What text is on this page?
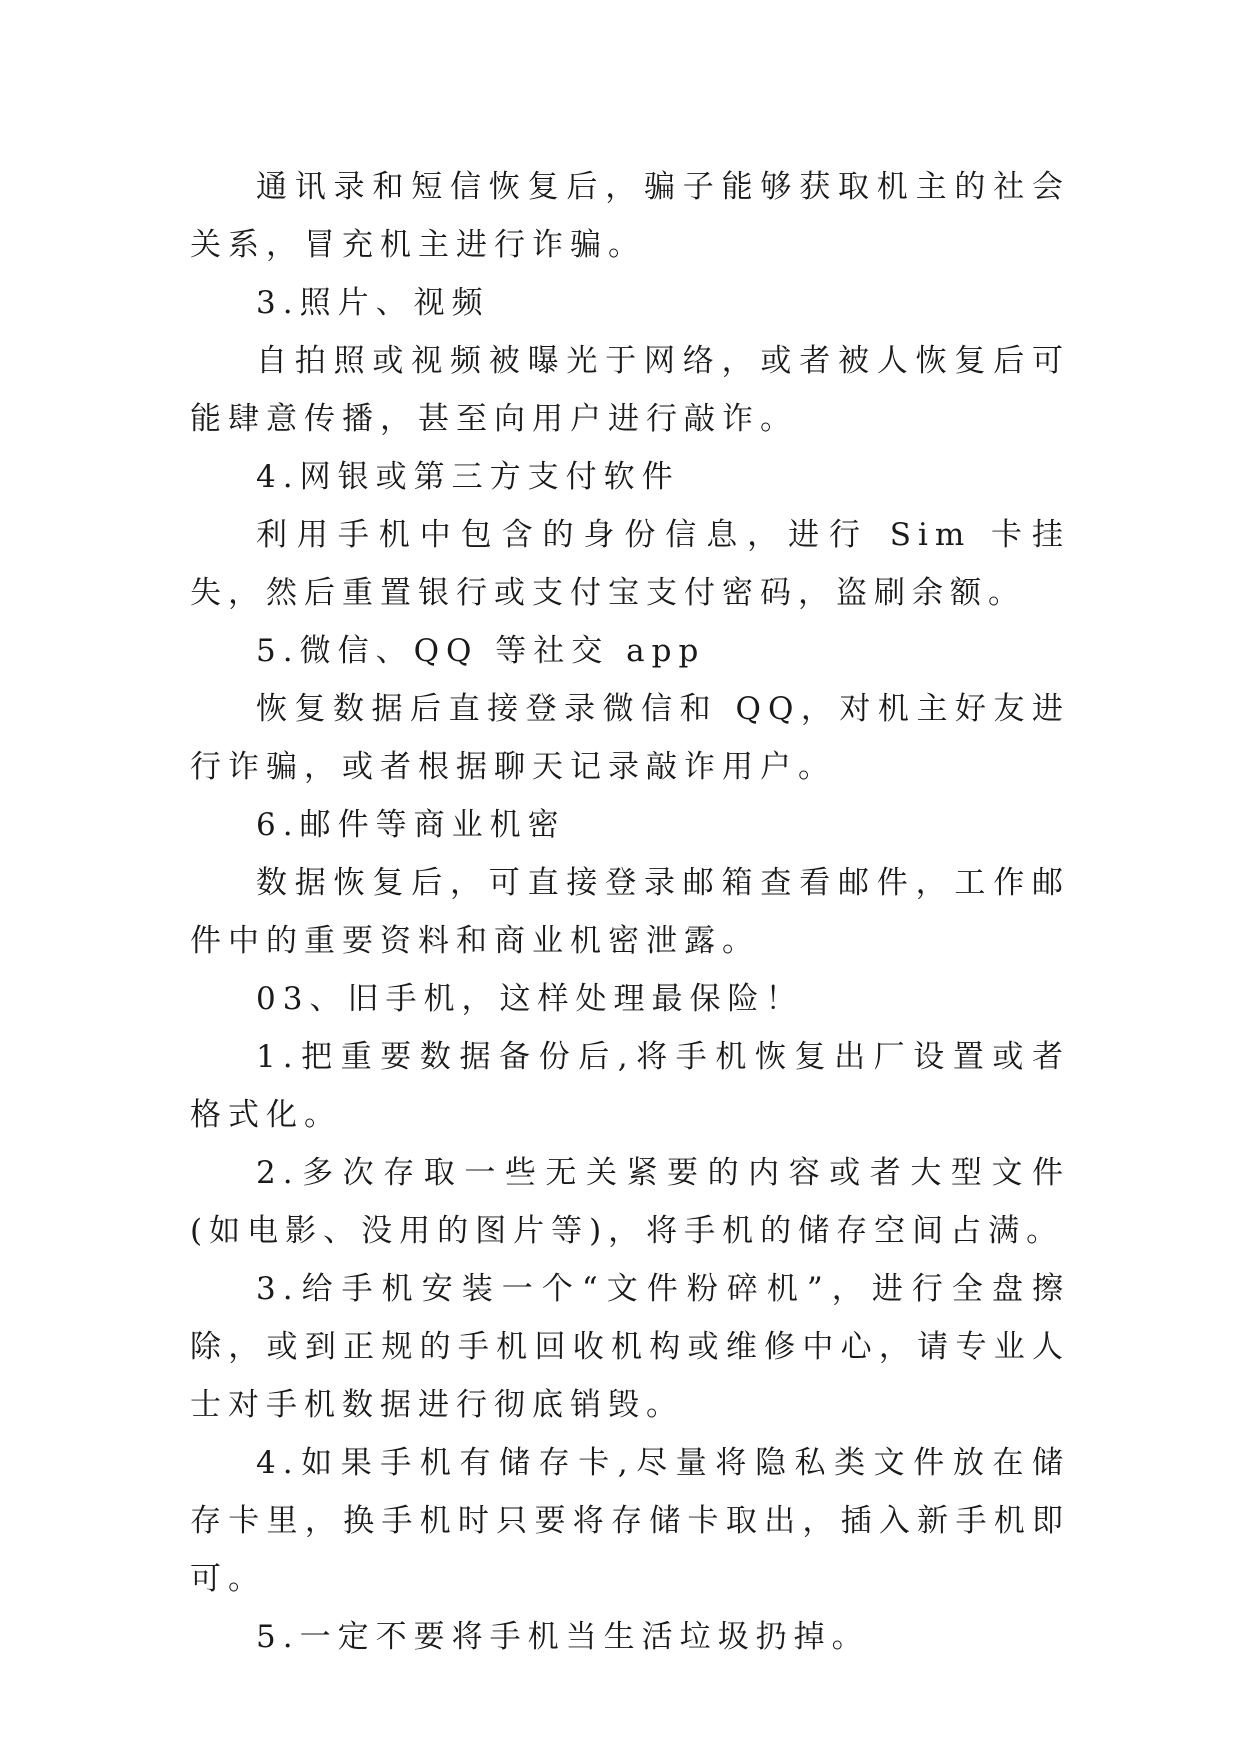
通讯录和短信恢复后，骗子能够获取机主的社会关系，冒充机主进行诈骗。

3.照片、视频

自拍照或视频被曝光于网络，或者被人恢复后可能肆意传播，甚至向用户进行敲诈。

4.网银或第三方支付软件

利用手机中包含的身份信息，进行 Sim 卡挂失，然后重置银行或支付宝支付密码，盗刷余额。

5.微信、QQ 等社交 app

恢复数据后直接登录微信和 QQ，对机主好友进行诈骗，或者根据聊天记录敲诈用户。

6.邮件等商业机密

数据恢复后，可直接登录邮箱查看邮件，工作邮件中的重要资料和商业机密泄露。

03、旧手机，这样处理最保险！

1.把重要数据备份后,将手机恢复出厂设置或者格式化。

2.多次存取一些无关紧要的内容或者大型文件(如电影、没用的图片等)，将手机的储存空间占满。

3.给手机安装一个“文件粉碎机”，进行全盘擦除，或到正规的手机回收机构或维修中心，请专业人士对手机数据进行彻底销毁。

4.如果手机有储存卡,尽量将隐私类文件放在储存卡里，换手机时只要将存储卡取出，插入新手机即可。

5.一定不要将手机当生活垃圾扔掉。
